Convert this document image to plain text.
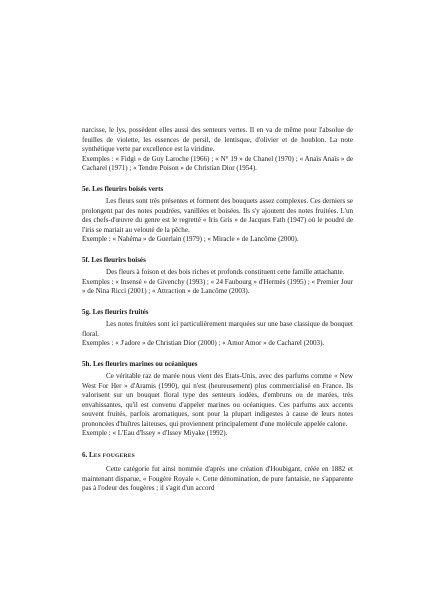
narcisse, le lys, possèdent elles aussi des senteurs vertes. Il en va de même pour l'absolue de feuilles de violette, les essences de persil, de lentisque, d'olivier et de houblon. La note synthétique verte par excellence est la viridine.

Exemples : « Fidgi » de Guy Laroche (1966) ; « N° 19 » de Chanel (1970) ; « Anaïs Anaïs » de Cacharel (1971) ; « Tendre Poison » de Christian Dior (1954).

5e. Les fleurirs boisés verts

Les fleurs sont très présentes et forment des bouquets assez complexes. Ces derniers se prolongent par des notes poudrées, vanillées et boisées. Ils s'y ajoutent des notes fruitées. L'un des chefs-d'œuvre du genre est le regretté « Iris Gris » de Jacques Fath (1947) où le poudré de l'iris se mariait au velouté de la pêche.

Exemple : « Nahéma » de Guerlain (1979) ; « Miracle » de Lancôme (2000).

5f. Les fleurirs boisés

Des fleurs à foison et des bois riches et profonds constituent cette famille attachante.

Exemples : « Insensé » de Givenchy (1993) ; « 24 Faubourg » d'Hermès (1995) ; « Premier Jour » de Nina Ricci (2001) ; « Attraction » de Lancôme (2003).

5g. Les fleurirs fruités

Les notes fruitées sont ici particulièrement marquées sur une base classique de bouquet floral.

Exemples : « J'adore » de Christian Dior (2000) ; « Amor Amor » de Cacharel (2003).

5h. Les fleurirs marines ou océaniques

Ce véritable raz de marée nous vient des Etats-Unis, avec des parfums comme « New West For Her » d'Aramis (1990), qui n'est (heureusement) plus commercialisé en France. Ils valorisent sur un bouquet floral type des senteurs iodées, d'embruns ou de marées, très envahissantes, qu'il est convenu d'appeler marines ou océaniques. Ces parfums aux accents souvent fruités, parfois aromatiques, sont pour la plupart indigestes à cause de leurs notes prononcées d'huîtres laiteuses, qui proviennent principalement d'une molécule appelée calone.

Exemple : « L'Eau d'Issey » d'Issey Miyake (1992).

6. LES FOUGERES

Cette catégorie fut ainsi nommée d'après une création d'Houbigant, créée en 1882 et maintenant disparue, « Fougère Royale ». Cette dénomination, de pure fantaisie, ne s'apparente pas à l'odeur des fougères ; il s'agit d'un accord
